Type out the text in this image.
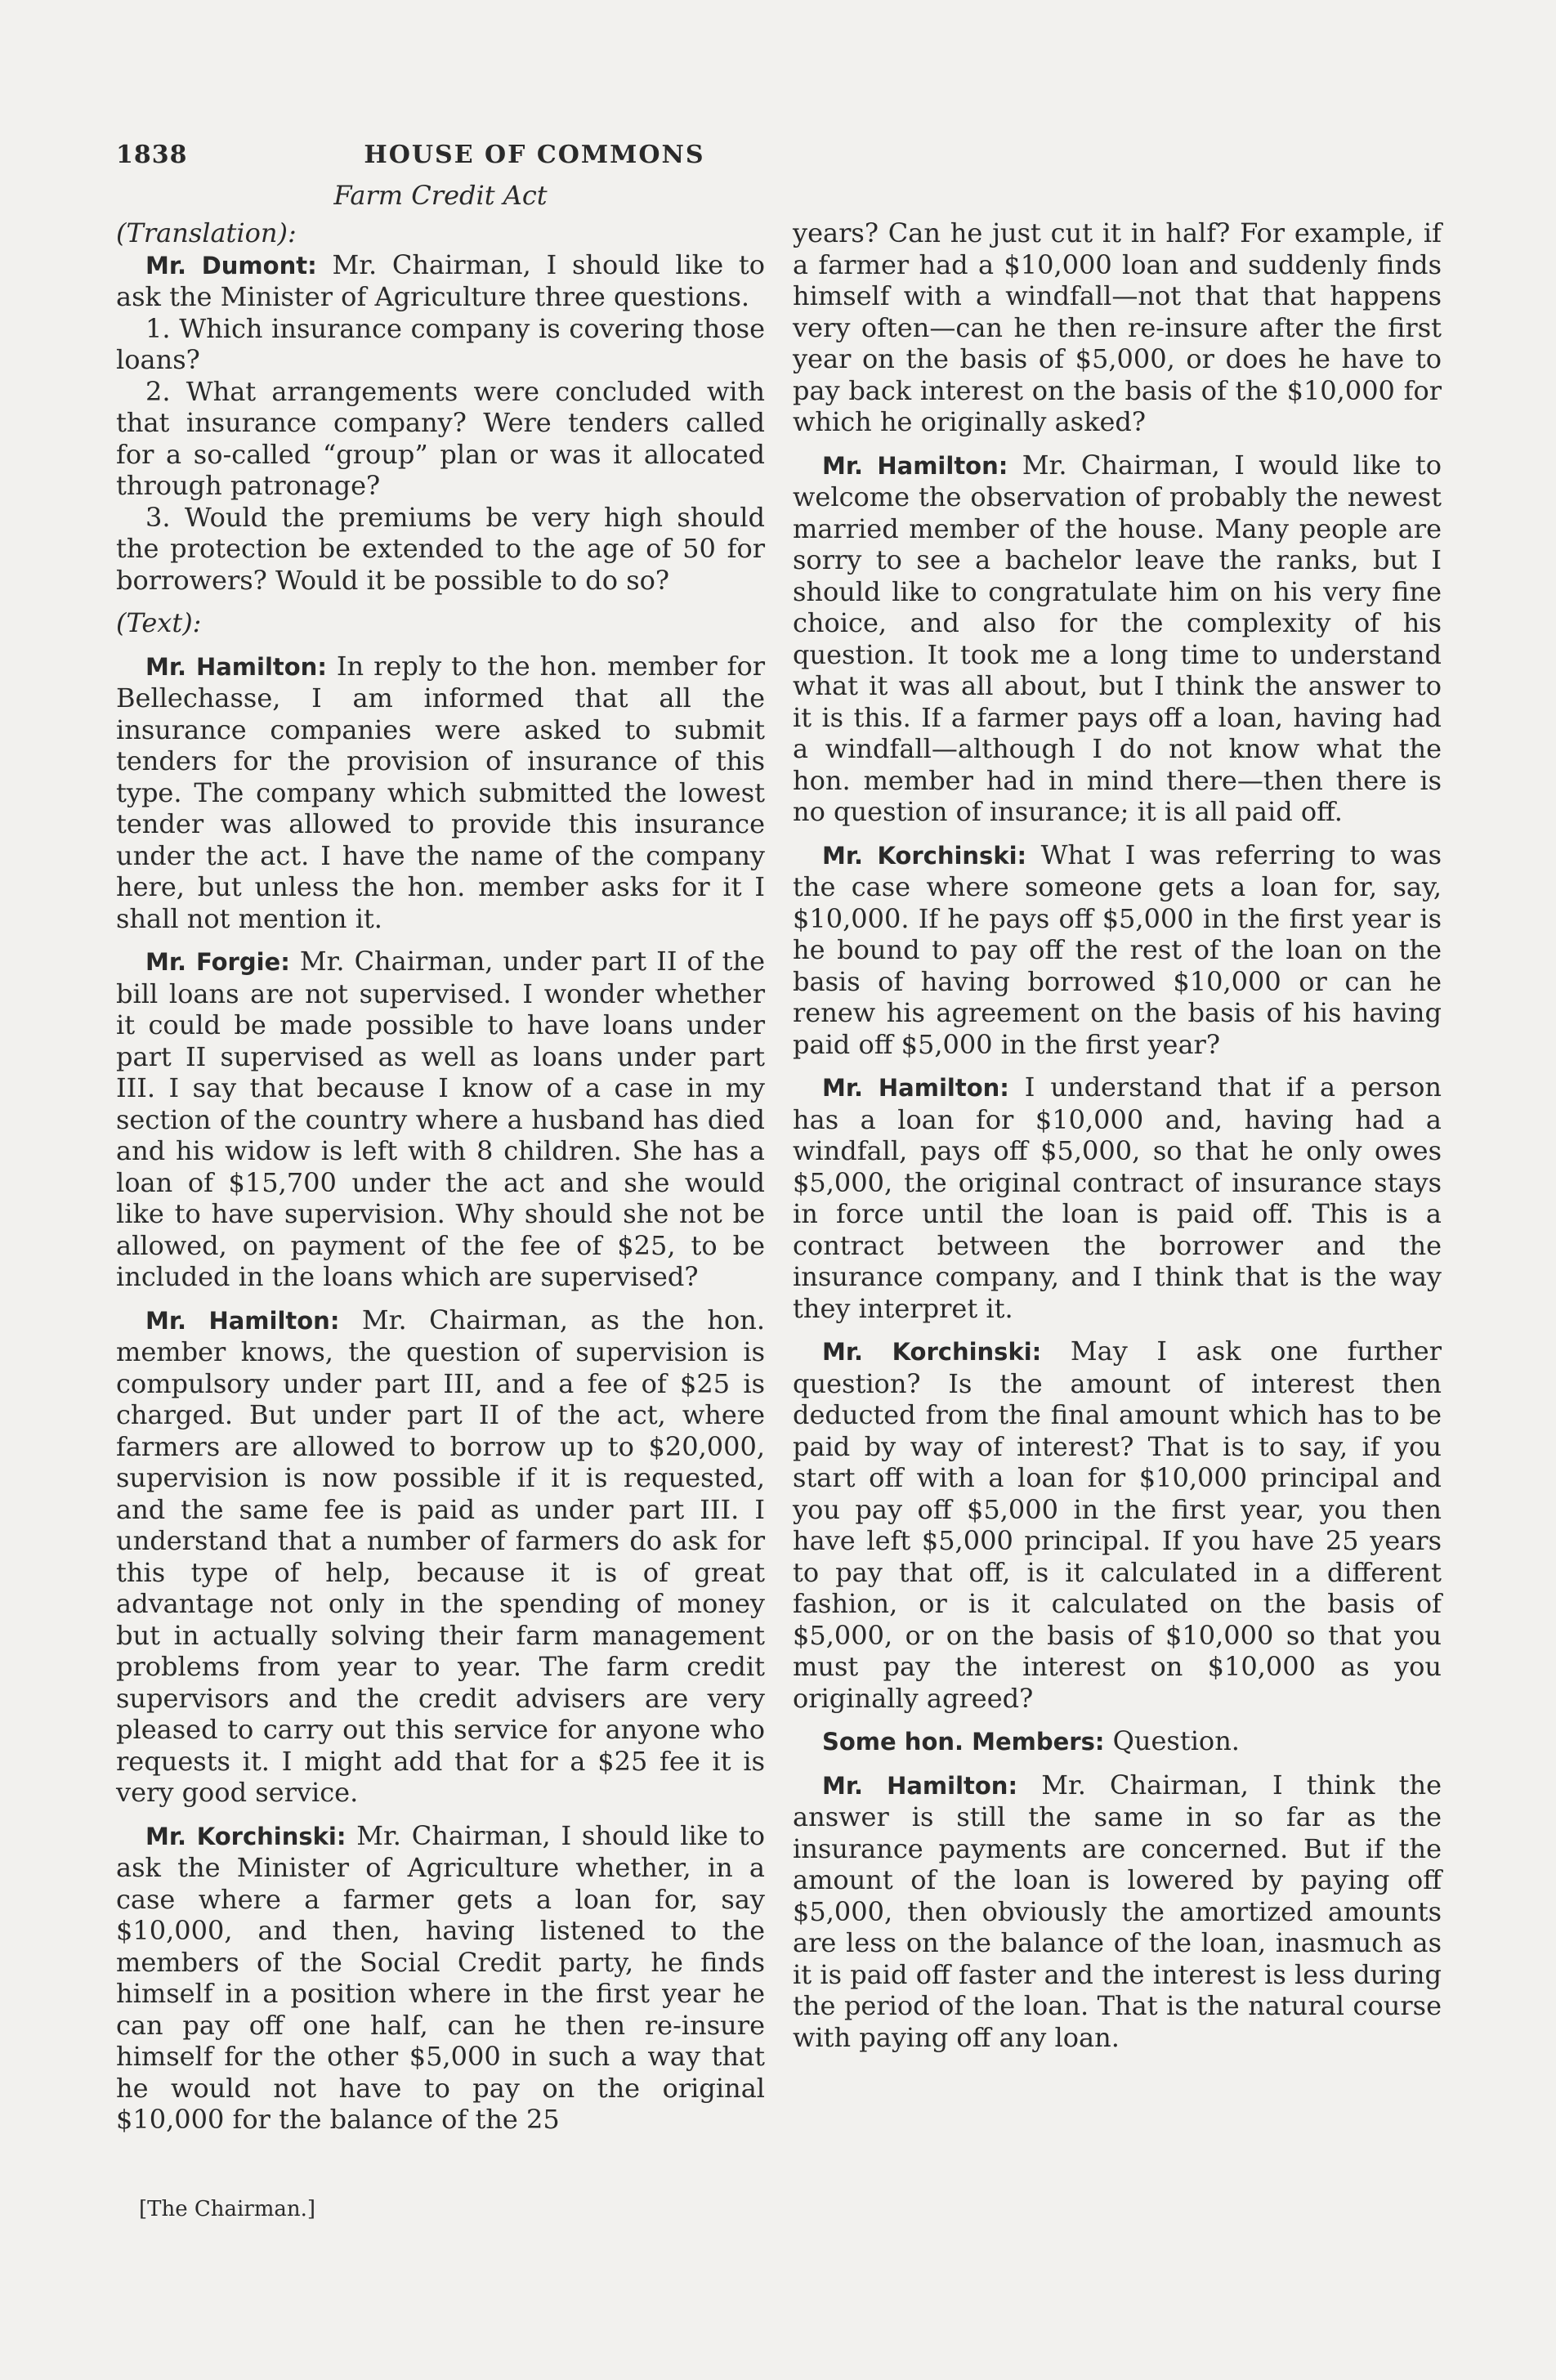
1838	HOUSE OF COMMONS
Farm Credit Act

(Translation):

Mr. Dumont: Mr. Chairman, I should like to ask the Minister of Agriculture three questions.

1. Which insurance company is covering those loans?

2. What arrangements were concluded with that insurance company? Were tenders called for a so-called “group” plan or was it allocated through patronage?

3. Would the premiums be very high should the protection be extended to the age of 50 for borrowers? Would it be possible to do so?

(Text):

Mr. Hamilton: In reply to the hon. member for Bellechasse, I am informed that all the insurance companies were asked to submit tenders for the provision of insurance of this type. The company which submitted the lowest tender was allowed to provide this insurance under the act. I have the name of the company here, but unless the hon. member asks for it I shall not mention it.

Mr. Forgie: Mr. Chairman, under part II of the bill loans are not supervised. I wonder whether it could be made possible to have loans under part II supervised as well as loans under part III. I say that because I know of a case in my section of the country where a husband has died and his widow is left with 8 children. She has a loan of $15,700 under the act and she would like to have supervision. Why should she not be allowed, on payment of the fee of $25, to be included in the loans which are supervised?

Mr. Hamilton: Mr. Chairman, as the hon. member knows, the question of supervision is compulsory under part III, and a fee of $25 is charged. But under part II of the act, where farmers are allowed to borrow up to $20,000, supervision is now possible if it is requested, and the same fee is paid as under part III. I understand that a number of farmers do ask for this type of help, because it is of great advantage not only in the spending of money but in actually solving their farm management problems from year to year. The farm credit supervisors and the credit advisers are very pleased to carry out this service for anyone who requests it. I might add that for a $25 fee it is very good service.

Mr. Korchinski: Mr. Chairman, I should like to ask the Minister of Agriculture whether, in a case where a farmer gets a loan for, say $10,000, and then, having listened to the members of the Social Credit party, he finds himself in a position where in the first year he can pay off one half, can he then re-insure himself for the other $5,000 in such a way that he would not have to pay on the original $10,000 for the balance of the 25

years? Can he just cut it in half? For example, if a farmer had a $10,000 loan and suddenly finds himself with a windfall—not that that happens very often—can he then re-insure after the first year on the basis of $5,000, or does he have to pay back interest on the basis of the $10,000 for which he originally asked?

Mr. Hamilton: Mr. Chairman, I would like to welcome the observation of probably the newest married member of the house. Many people are sorry to see a bachelor leave the ranks, but I should like to congratulate him on his very fine choice, and also for the complexity of his question. It took me a long time to understand what it was all about, but I think the answer to it is this. If a farmer pays off a loan, having had a windfall—although I do not know what the hon. member had in mind there—then there is no question of insurance; it is all paid off.

Mr. Korchinski: What I was referring to was the case where someone gets a loan for, say, $10,000. If he pays off $5,000 in the first year is he bound to pay off the rest of the loan on the basis of having borrowed $10,000 or can he renew his agreement on the basis of his having paid off $5,000 in the first year?

Mr. Hamilton: I understand that if a person has a loan for $10,000 and, having had a windfall, pays off $5,000, so that he only owes $5,000, the original contract of insurance stays in force until the loan is paid off. This is a contract between the borrower and the insurance company, and I think that is the way they interpret it.

Mr. Korchinski: May I ask one further question? Is the amount of interest then deducted from the final amount which has to be paid by way of interest? That is to say, if you start off with a loan for $10,000 principal and you pay off $5,000 in the first year, you then have left $5,000 principal. If you have 25 years to pay that off, is it calculated in a different fashion, or is it calculated on the basis of $5,000, or on the basis of $10,000 so that you must pay the interest on $10,000 as you originally agreed?

Some hon. Members: Question.

Mr. Hamilton: Mr. Chairman, I think the answer is still the same in so far as the insurance payments are concerned. But if the amount of the loan is lowered by paying off $5,000, then obviously the amortized amounts are less on the balance of the loan, inasmuch as it is paid off faster and the interest is less during the period of the loan. That is the natural course with paying off any loan.

[The Chairman.]
